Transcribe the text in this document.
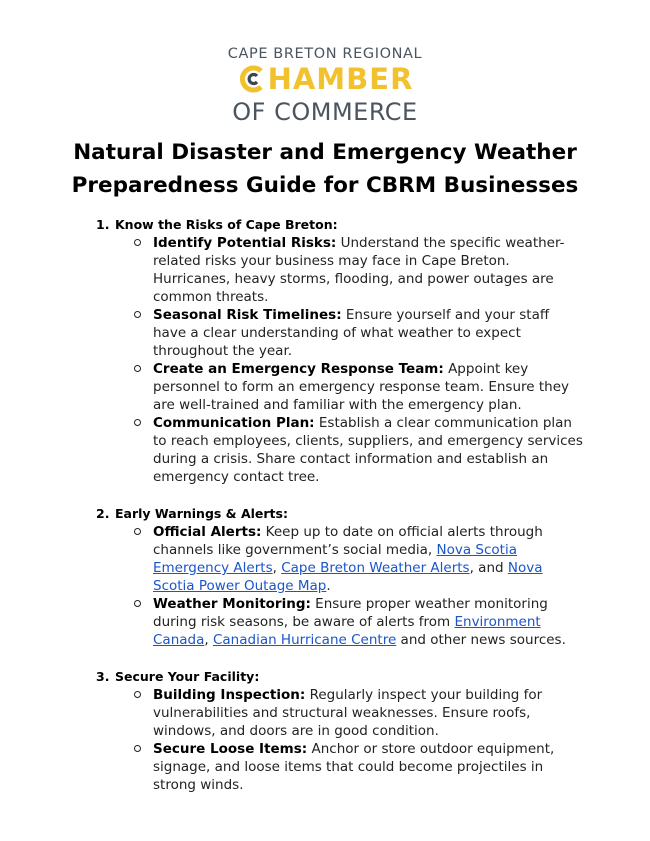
CAPE BRETON REGIONAL
HAMBER
OF COMMERCE
Natural Disaster and Emergency Weather
Preparedness Guide for CBRM Businesses
1. Know the Risks of Cape Breton:
Identify Potential Risks: Understand the specific weather-related risks your business may face in Cape Breton. Hurricanes, heavy storms, flooding, and power outages are common threats.
Seasonal Risk Timelines: Ensure yourself and your staff have a clear understanding of what weather to expect throughout the year.
Create an Emergency Response Team: Appoint key personnel to form an emergency response team. Ensure they are well-trained and familiar with the emergency plan.
Communication Plan: Establish a clear communication plan to reach employees, clients, suppliers, and emergency services during a crisis. Share contact information and establish an emergency contact tree.
2. Early Warnings & Alerts:
Official Alerts: Keep up to date on official alerts through channels like government’s social media, Nova Scotia Emergency Alerts, Cape Breton Weather Alerts, and Nova Scotia Power Outage Map.
Weather Monitoring: Ensure proper weather monitoring during risk seasons, be aware of alerts from Environment Canada, Canadian Hurricane Centre and other news sources.
3. Secure Your Facility:
Building Inspection: Regularly inspect your building for vulnerabilities and structural weaknesses. Ensure roofs, windows, and doors are in good condition.
Secure Loose Items: Anchor or store outdoor equipment, signage, and loose items that could become projectiles in strong winds.
